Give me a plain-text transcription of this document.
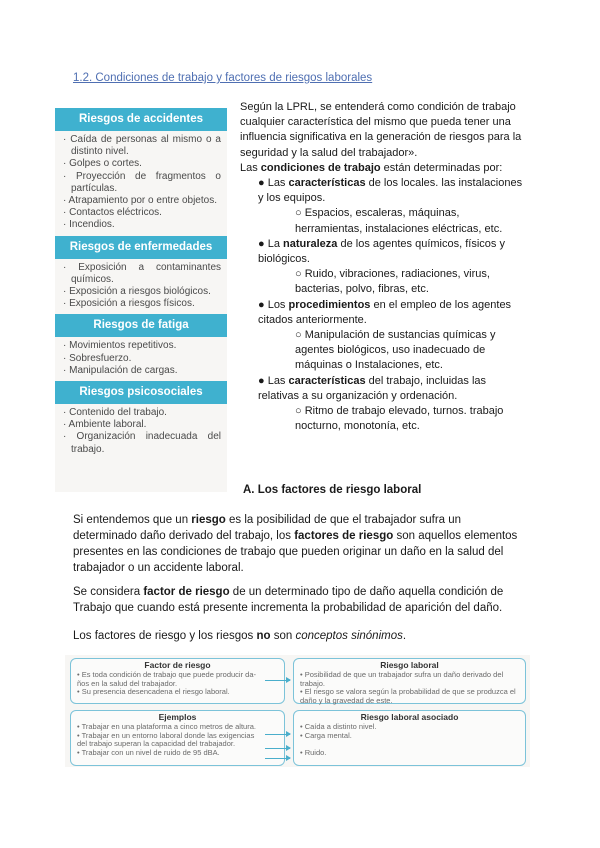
1.2. Condiciones de trabajo y factores de riesgos laborales
Riesgos de accidentes
· Caída de personas al mismo o a distinto nivel.
· Golpes o cortes.
· Proyección de fragmentos o partículas.
· Atrapamiento por o entre objetos.
· Contactos eléctricos.
· Incendios.
Riesgos de enfermedades
· Exposición a contaminantes químicos.
· Exposición a riesgos biológicos.
· Exposición a riesgos físicos.
Riesgos de fatiga
· Movimientos repetitivos.
· Sobresfuerzo.
· Manipulación de cargas.
Riesgos psicosociales
· Contenido del trabajo.
· Ambiente laboral.
· Organización inadecuada del trabajo.

Según la LPRL, se entenderá como condición de trabajo cualquier característica del mismo que pueda tener una influencia significativa en la generación de riesgos para la seguridad y la salud del trabajador».

Las condiciones de trabajo están determinadas por:

● Las características de los locales. las instalaciones y los equipos.

○ Espacios, escaleras, máquinas, herramientas, instalaciones eléctricas, etc.

● La naturaleza de los agentes químicos, físicos y biológicos.

○ Ruido, vibraciones, radiaciones, virus, bacterias, polvo, fibras, etc.

● Los procedimientos en el empleo de los agentes citados anteriormente.

○ Manipulación de sustancias químicas y agentes biológicos, uso inadecuado de máquinas o Instalaciones, etc.

● Las características del trabajo, incluidas las relativas a su organización y ordenación.

○ Ritmo de trabajo elevado, turnos. trabajo nocturno, monotonía, etc.

A. Los factores de riesgo laboral

Si entendemos que un riesgo es la posibilidad de que el trabajador sufra un determinado daño derivado del trabajo, los factores de riesgo son aquellos elementos presentes en las condiciones de trabajo que pueden originar un daño en la salud del trabajador o un accidente laboral.

Se considera factor de riesgo de un determinado tipo de daño aquella condición de Trabajo que cuando está presente incrementa la probabilidad de aparición del daño.

Los factores de riesgo y los riesgos no son conceptos sinónimos.

Factor de riesgo
• Es toda condición de trabajo que puede producir da-
ños en la salud del trabajador.
• Su presencia desencadena el riesgo laboral.
Riesgo laboral
• Posibilidad de que un trabajador sufra un daño derivado del trabajo.
• El riesgo se valora según la probabilidad de que se produzca el
daño y la gravedad de este.
Ejemplos
• Trabajar en una plataforma a cinco metros de altura.
• Trabajar en un entorno laboral donde las exigencias
del trabajo superan la capacidad del trabajador.
• Trabajar con un nivel de ruido de 95 dBA.
Riesgo laboral asociado
• Caída a distinto nivel.
• Carga mental.

• Ruido.
